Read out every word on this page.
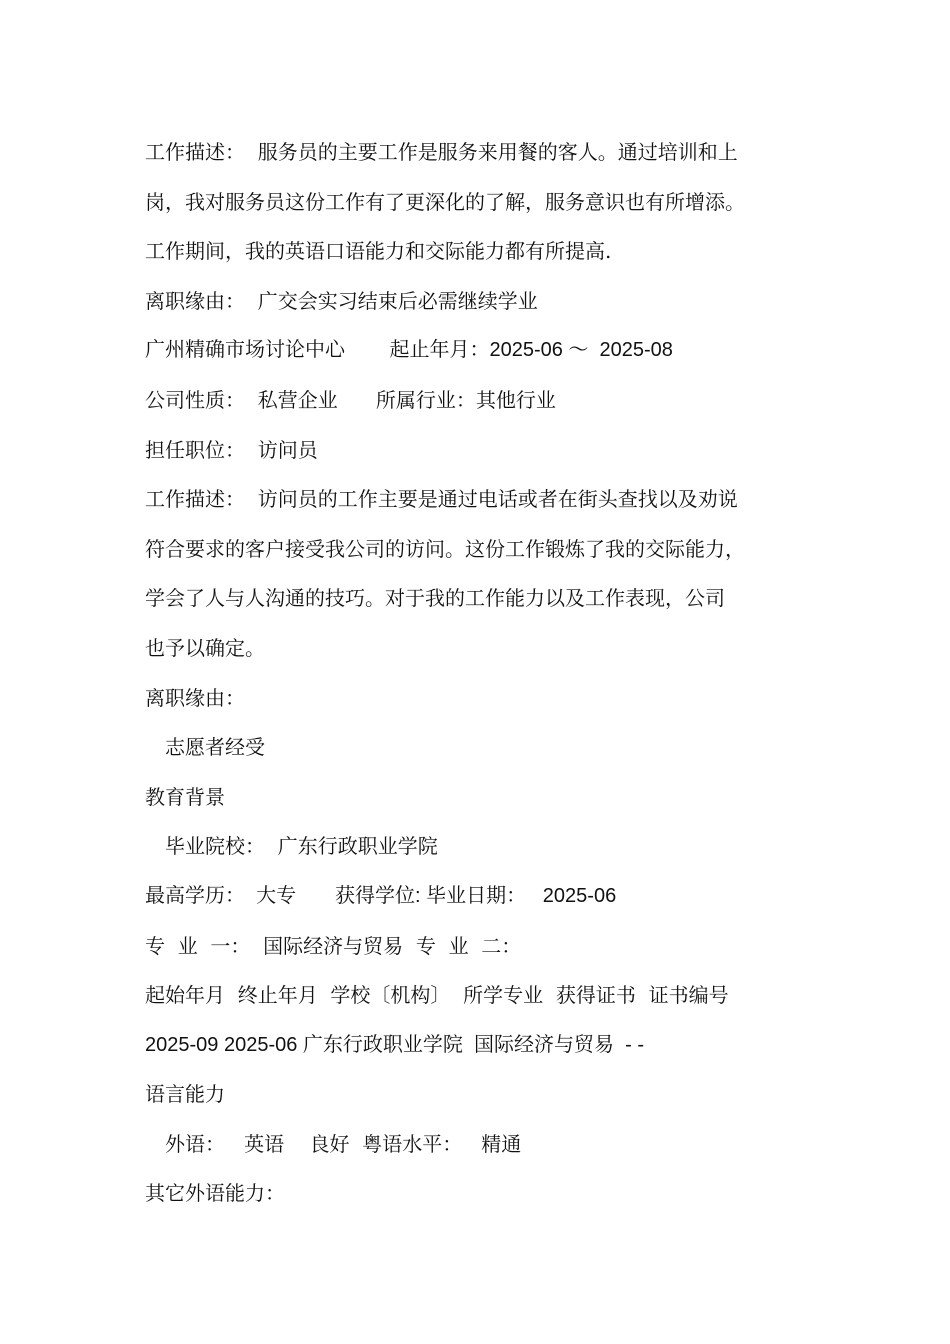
工作描述：  服务员的主要工作是服务来用餐的客人。通过培训和上
岗，我对服务员这份工作有了更深化的了解，服务意识也有所增添。
工作期间，我的英语口语能力和交际能力都有所提高.
离职缘由：  广交会实习结束后必需继续学业
广州精确市场讨论中心        起止年月：2025-06 ～  2025-08
公司性质：  私营企业      所属行业：其他行业
担任职位：  访问员
工作描述：  访问员的工作主要是通过电话或者在街头查找以及劝说
符合要求的客户接受我公司的访问。这份工作锻炼了我的交际能力，
学会了人与人沟通的技巧。对于我的工作能力以及工作表现，公司
也予以确定。
离职缘由：
志愿者经受
教育背景
毕业院校：  广东行政职业学院
最高学历：  大专       获得学位: 毕业日期：   2025-06
专  业  一：  国际经济与贸易  专  业  二：
起始年月  终止年月  学校〔机构〕  所学专业  获得证书  证书编号
2025-09 2025-06 广东行政职业学院  国际经济与贸易  - -
语言能力
外语：   英语    良好  粤语水平：   精通
其它外语能力：
